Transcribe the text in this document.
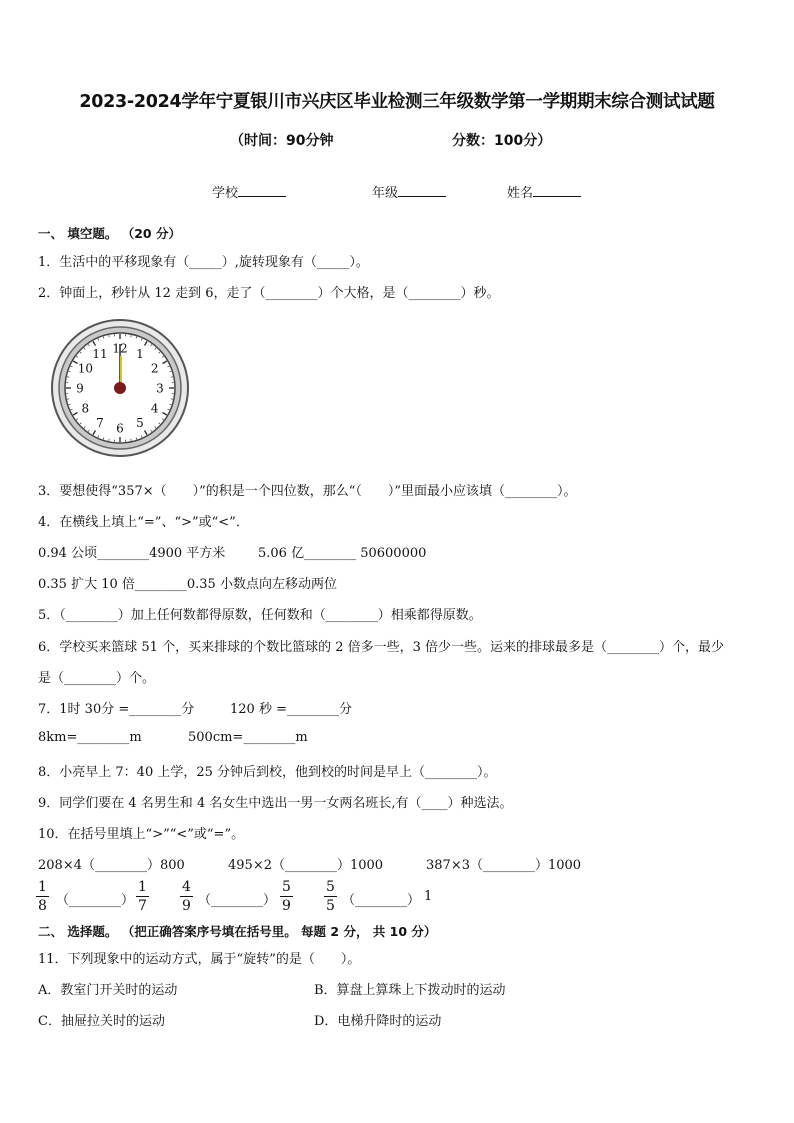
2023-2024学年宁夏银川市兴庆区毕业检测三年级数学第一学期期末综合测试试题
（时间：90分钟	分数：100分）
学校	年级	姓名
一、 填空题。 （20 分）
1．生活中的平移现象有（_____）,旋转现象有（_____）。
2．钟面上，秒针从 12 走到 6，走了（________）个大格，是（________）秒。
12 1
2
3
4
5
6
7
8
9
10
11
3．要想使得“357×（　　）”的积是一个四位数，那么“（　　）”里面最小应该填（________）。
4．在横线上填上“=”、“>”或“<”．
0.94 公顷________4900 平方米	5.06 亿________ 50600000
0.35 扩大 10 倍________0.35 小数点向左移动两位
5．（________）加上任何数都得原数，任何数和（________）相乘都得原数。
6．学校买来篮球 51 个，买来排球的个数比篮球的 2 倍多一些，3 倍少一些。运来的排球最多是（________）个，最少
是（________）个。
7．1时 30分 =________分	120 秒 =________分
8km=________m	500cm=________m
8．小亮早上 7：40 上学，25 分钟后到校，他到校的时间是早上（________）。
9．同学们要在 4 名男生和 4 名女生中选出一男一女两名班长,有（____）种选法。
10．在括号里填上“>”“<”或“=”。
208×4（________）800	495×2（________）1000	387×3（________）1000
$\frac{1}{8}$ （________） $\frac{1}{7} \frac{4}{9}$ （________） $\frac{5}{9} \frac{5}{5}$ （________） 1
二、 选择题。 （把正确答案序号填在括号里。 每题 2 分， 共 10 分）
11．下列现象中的运动方式，属于“旋转”的是（　　）。
A．教室门开关时的运动	B．算盘上算珠上下拨动时的运动
C．抽屉拉关时的运动	D．电梯升降时的运动
